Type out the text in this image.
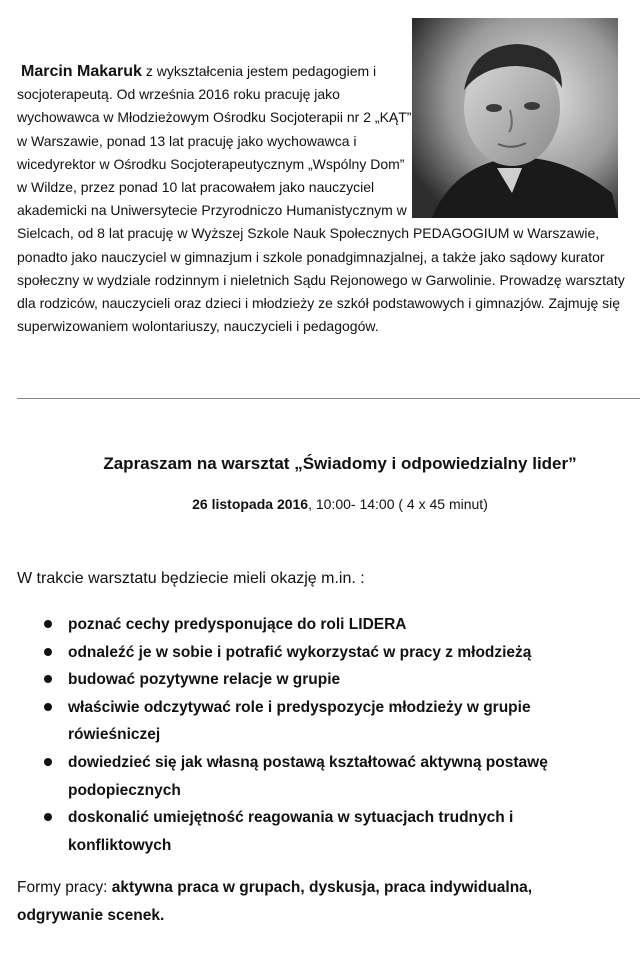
Marcin Makaruk z wykształcenia jestem pedagogiem i socjoterapeutą. Od września 2016 roku pracuję jako wychowawca w Młodzieżowym Ośrodku Socjoterapii nr 2 „KĄT” w Warszawie, ponad 13 lat pracuję jako wychowawca i wicedyrektor w Ośrodku Socjoterapeutycznym „Wspólny Dom” w Wildze, przez ponad 10 lat pracowałem jako nauczyciel akademicki na Uniwersytecie Przyrodniczo Humanistycznym w Sielcach, od 8 lat pracuję w Wyższej Szkole Nauk Społecznych PEDAGOGIUM w Warszawie, ponadto jako nauczyciel w gimnazjum i szkole ponadgimnazjalnej, a także jako sądowy kurator społeczny w wydziale rodzinnym i nieletnich Sądu Rejonowego w Garwolinie. Prowadzę warsztaty dla rodziców, nauczycieli oraz dzieci i młodzieży ze szkół podstawowych i gimnazjów. Zajmuję się superwizowaniem wolontariuszy, nauczycieli i pedagogów.

Zapraszam na warsztat „Świadomy i odpowiedzialny lider”

26 listopada 2016, 10:00- 14:00 ( 4 x 45 minut)

W trakcie warsztatu będziecie mieli okazję m.in. :

poznać cechy predysponujące do roli LIDERA
odnaleźć je w sobie i potrafić wykorzystać w pracy z młodzieżą
budować pozytywne relacje w grupie
właściwie odczytywać role i predyspozycje młodzieży w grupie rówieśniczej
dowiedzieć się jak własną postawą kształtować aktywną postawę podopiecznych
doskonalić umiejętność reagowania w sytuacjach trudnych i konfliktowych

Formy pracy: aktywna praca w grupach, dyskusja, praca indywidualna, odgrywanie scenek.
